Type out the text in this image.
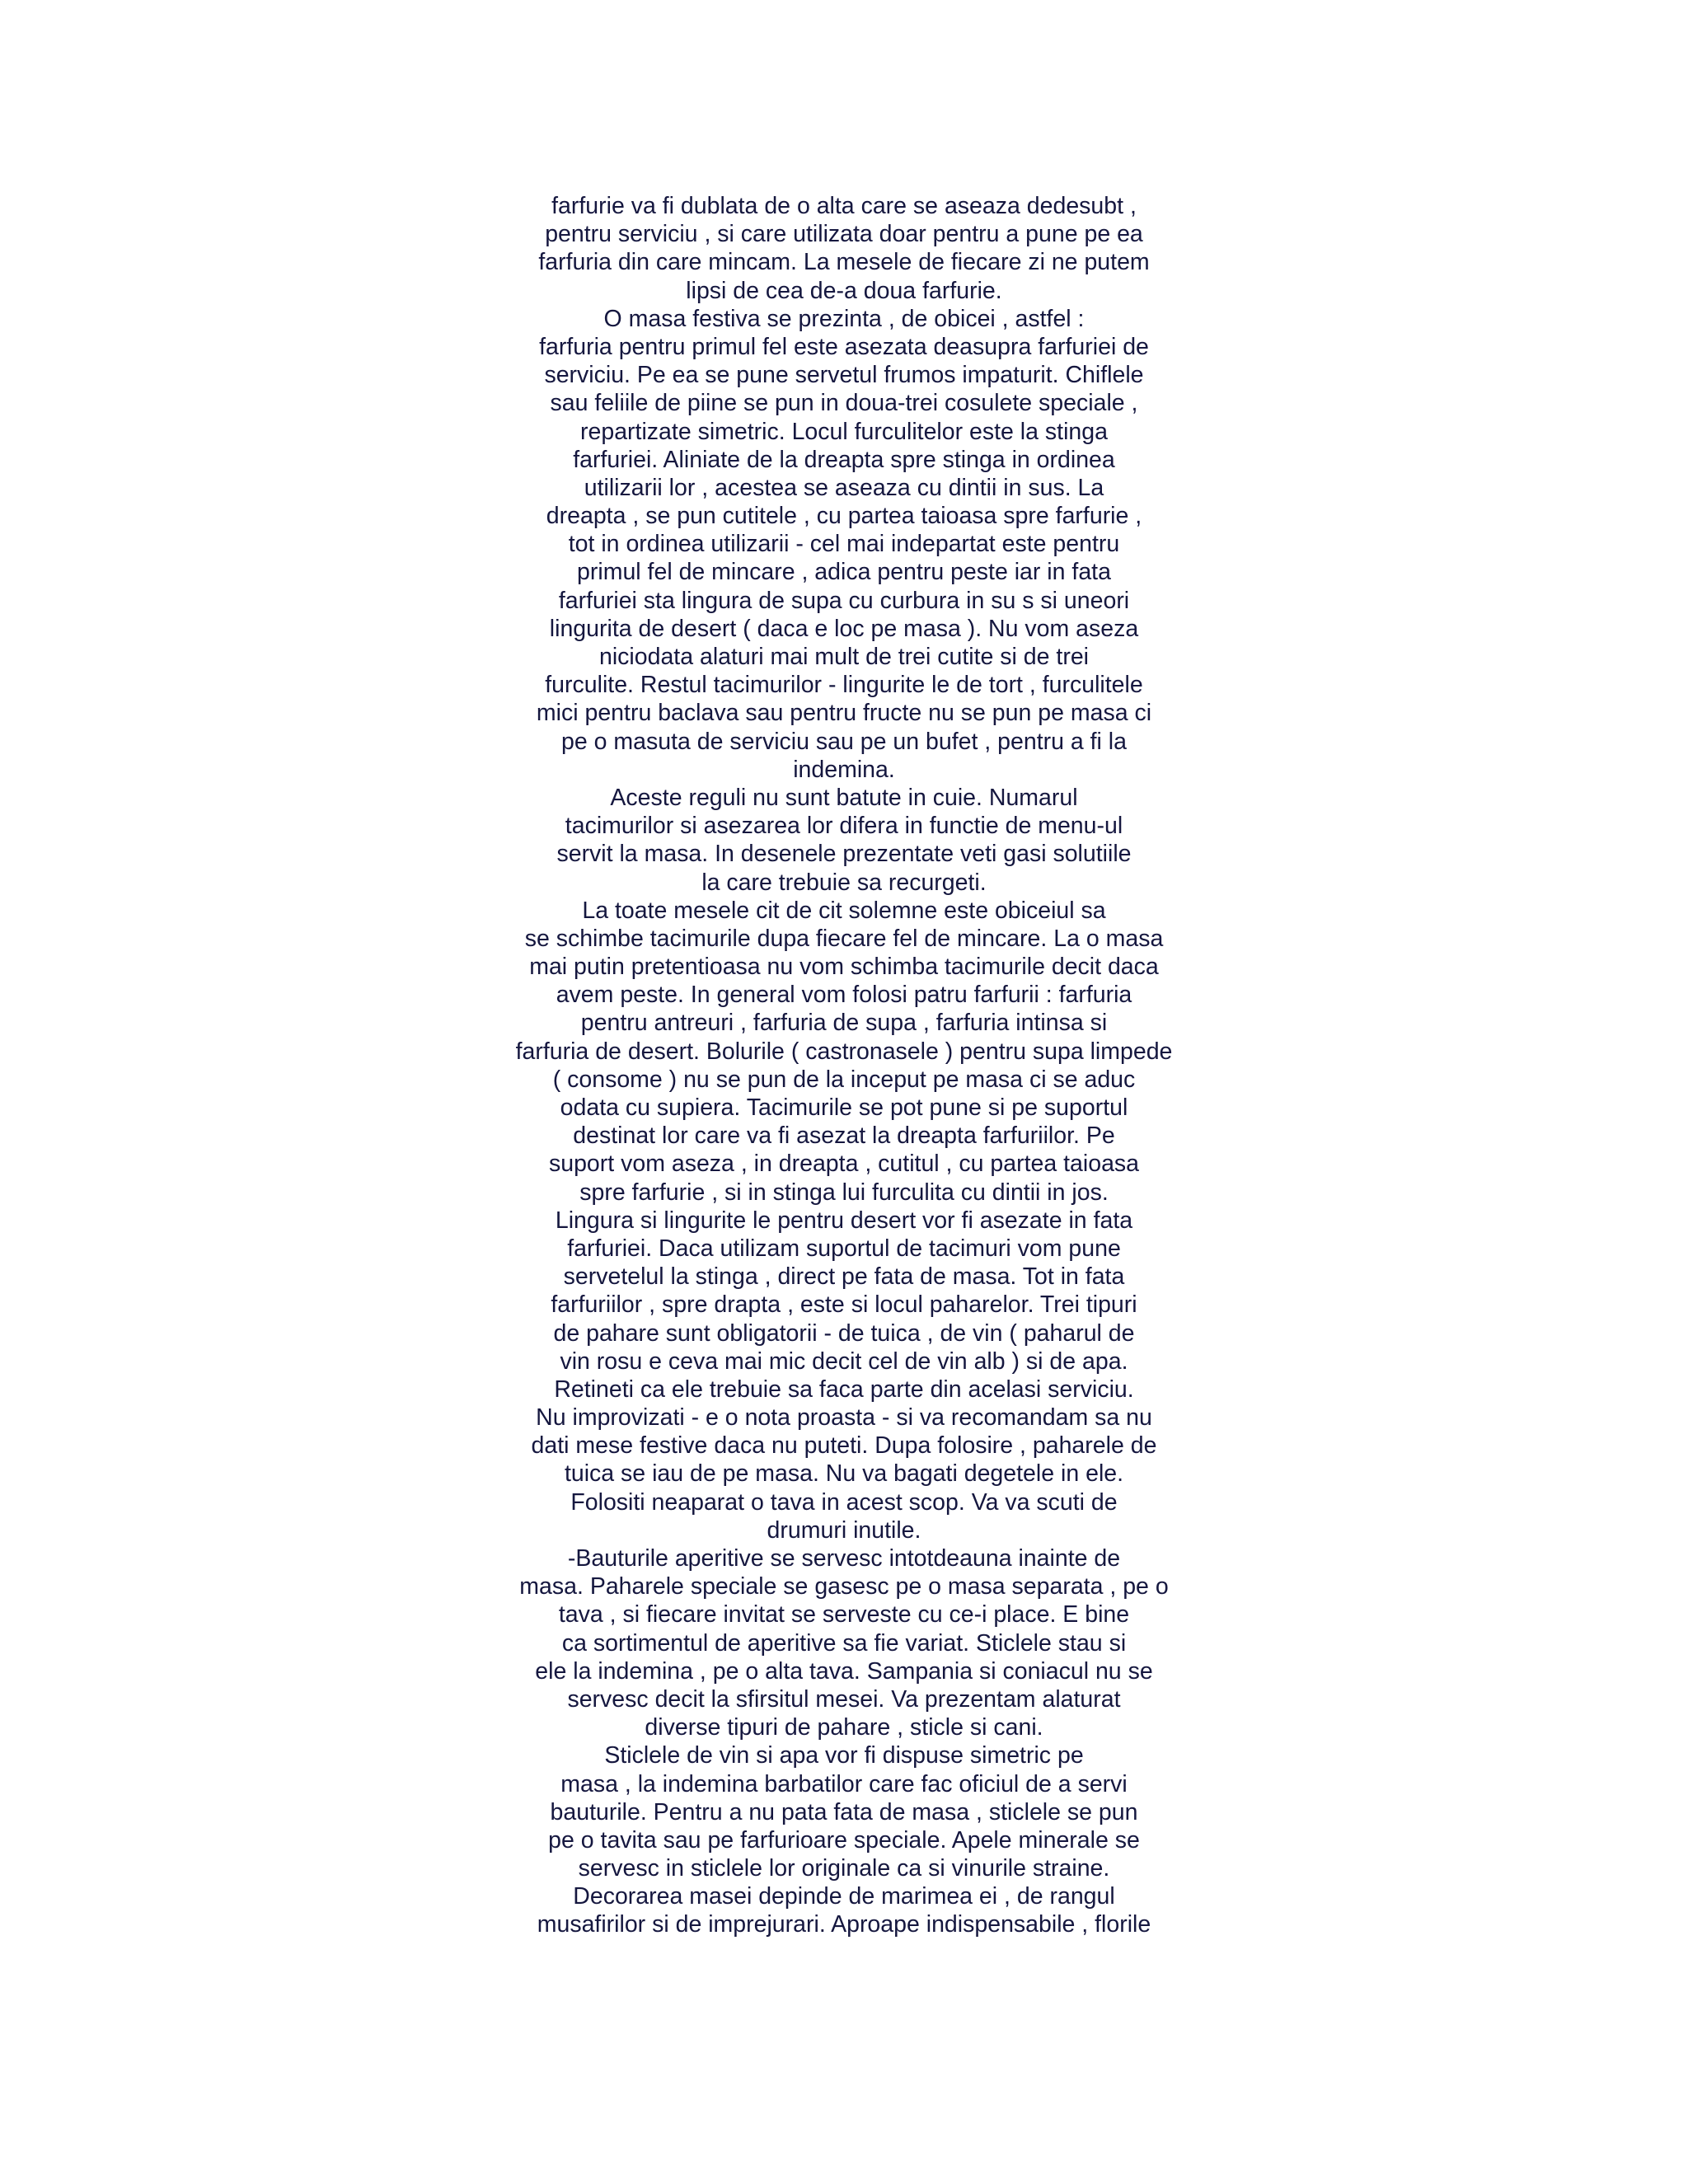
farfurie va fi dublata de o alta care se aseaza dedesubt ,
pentru serviciu , si care utilizata doar pentru a pune pe ea
farfuria din care mincam. La mesele de fiecare zi ne putem
lipsi de cea de-a doua farfurie.
O masa festiva se prezinta , de obicei , astfel :
farfuria pentru primul fel este asezata deasupra farfuriei de
serviciu. Pe ea se pune servetul frumos impaturit. Chiflele
sau feliile de piine se pun in doua-trei cosulete speciale ,
repartizate simetric. Locul furculitelor este la stinga
farfuriei. Aliniate de la dreapta spre stinga in ordinea
utilizarii lor , acestea se aseaza cu dintii in sus. La
dreapta , se pun cutitele , cu partea taioasa spre farfurie ,
tot in ordinea utilizarii - cel mai indepartat este pentru
primul fel de mincare , adica pentru peste iar in fata
farfuriei sta lingura de supa cu curbura in su s si uneori
lingurita de desert ( daca e loc pe masa ). Nu vom aseza
niciodata alaturi mai mult de trei cutite si de trei
furculite. Restul tacimurilor - lingurite le de tort , furculitele
mici pentru baclava sau pentru fructe nu se pun pe masa ci
pe o masuta de serviciu sau pe un bufet , pentru a fi la
indemina.
Aceste reguli nu sunt batute in cuie. Numarul
tacimurilor si asezarea lor difera in functie de menu-ul
servit la masa. In desenele prezentate veti gasi solutiile
la care trebuie sa recurgeti.
La toate mesele cit de cit solemne este obiceiul sa
se schimbe tacimurile dupa fiecare fel de mincare. La o masa
mai putin pretentioasa nu vom schimba tacimurile decit daca
avem peste. In general vom folosi patru farfurii : farfuria
pentru antreuri , farfuria de supa , farfuria intinsa si
farfuria de desert. Bolurile ( castronasele ) pentru supa limpede
( consome ) nu se pun de la inceput pe masa ci se aduc
odata cu supiera. Tacimurile se pot pune si pe suportul
destinat lor care va fi asezat la dreapta farfuriilor. Pe
suport vom aseza , in dreapta , cutitul , cu partea taioasa
spre farfurie , si in stinga lui furculita cu dintii in jos.
Lingura si lingurite le pentru desert vor fi asezate in fata
farfuriei. Daca utilizam suportul de tacimuri vom pune
servetelul la stinga , direct pe fata de masa. Tot in fata
farfuriilor , spre drapta , este si locul paharelor. Trei tipuri
de pahare sunt obligatorii - de tuica , de vin ( paharul de
vin rosu e ceva mai mic decit cel de vin alb ) si de apa.
Retineti ca ele trebuie sa faca parte din acelasi serviciu.
Nu improvizati - e o nota proasta - si va recomandam sa nu
dati mese festive daca nu puteti. Dupa folosire , paharele de
tuica se iau de pe masa. Nu va bagati degetele in ele.
Folositi neaparat o tava in acest scop. Va va scuti de
drumuri inutile.
-Bauturile aperitive se servesc intotdeauna inainte de
masa. Paharele speciale se gasesc pe o masa separata , pe o
tava , si fiecare invitat se serveste cu ce-i place. E bine
ca sortimentul de aperitive sa fie variat. Sticlele stau si
ele la indemina , pe o alta tava. Sampania si coniacul nu se
servesc decit la sfirsitul mesei. Va prezentam alaturat
diverse tipuri de pahare , sticle si cani.
Sticlele de vin si apa vor fi dispuse simetric pe
masa , la indemina barbatilor care fac oficiul de a servi
bauturile. Pentru a nu pata fata de masa , sticlele se pun
pe o tavita sau pe farfurioare speciale. Apele minerale se
servesc in sticlele lor originale ca si vinurile straine.
Decorarea masei depinde de marimea ei , de rangul
musafirilor si de imprejurari. Aproape indispensabile , florile
